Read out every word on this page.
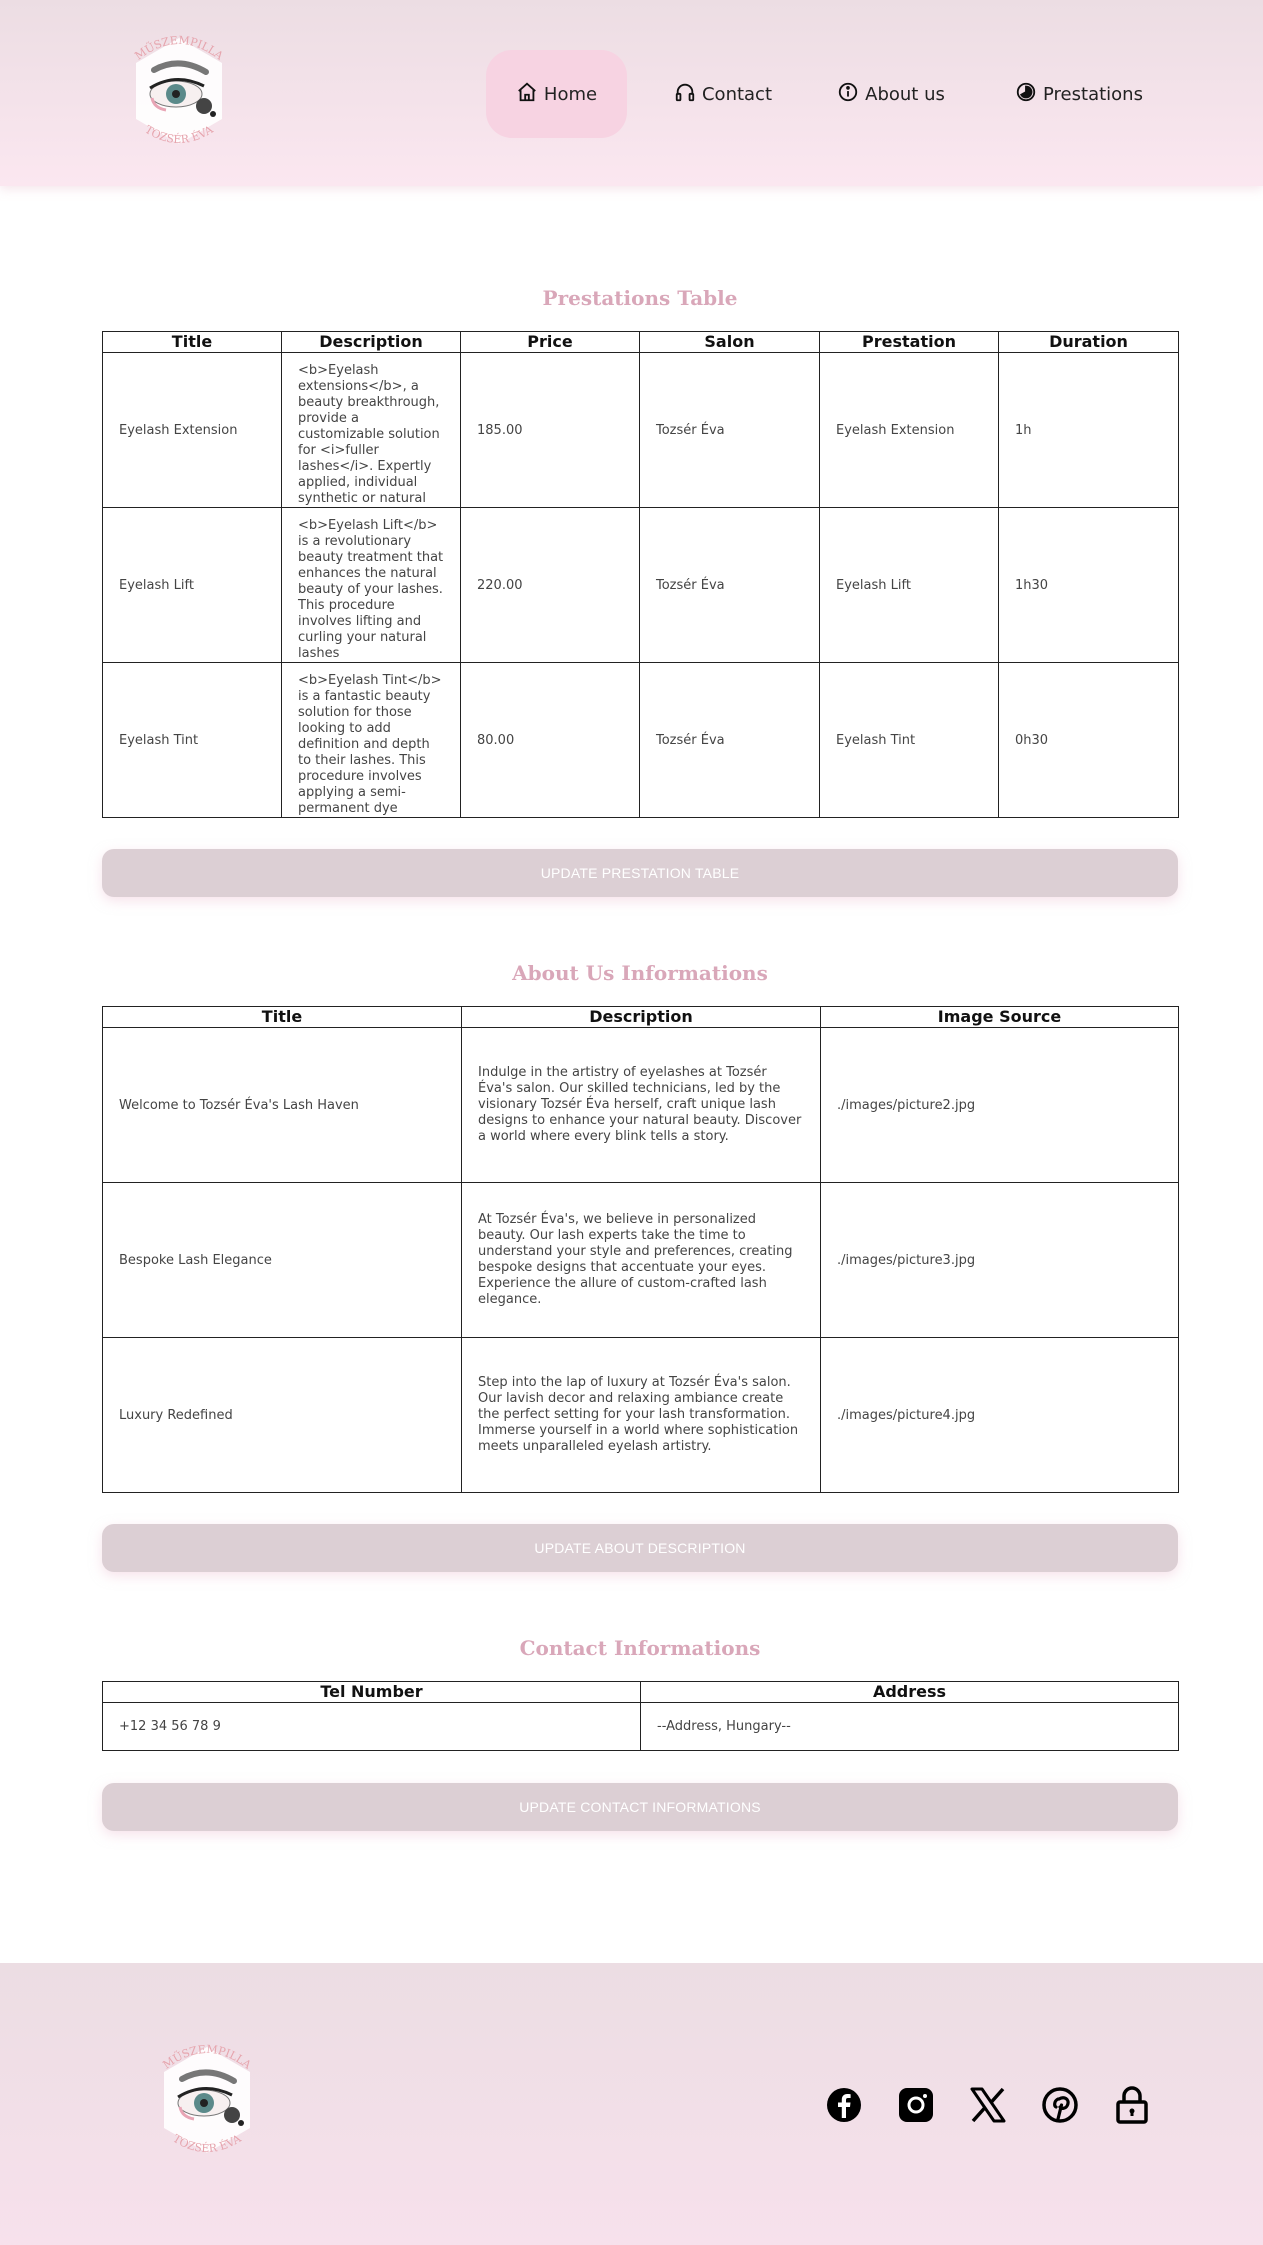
MŰSZEMPILLA
TOZSÉR ÉVA
Home	Contact	About us	Prestations
Prestations Table
Title	Description	Price	Salon	Prestation	Duration
Eyelash Extension	<b>Eyelash extensions</b>, a beauty breakthrough, provide a customizable solution for <i>fuller lashes</i>. Expertly applied, individual synthetic or natural	185.00	Tozsér Éva	Eyelash Extension	1h
Eyelash Lift	<b>Eyelash Lift</b> is a revolutionary beauty treatment that enhances the natural beauty of your lashes. This procedure involves lifting and curling your natural lashes	220.00	Tozsér Éva	Eyelash Lift	1h30
Eyelash Tint	<b>Eyelash Tint</b> is a fantastic beauty solution for those looking to add definition and depth to their lashes. This procedure involves applying a semi-permanent dye	80.00	Tozsér Éva	Eyelash Tint	0h30
UPDATE PRESTATION TABLE
About Us Informations
Title	Description	Image Source
Welcome to Tozsér Éva's Lash Haven	Indulge in the artistry of eyelashes at Tozsér Éva's salon. Our skilled technicians, led by the visionary Tozsér Éva herself, craft unique lash designs to enhance your natural beauty. Discover a world where every blink tells a story.	./images/picture2.jpg
Bespoke Lash Elegance	At Tozsér Éva's, we believe in personalized beauty. Our lash experts take the time to understand your style and preferences, creating bespoke designs that accentuate your eyes. Experience the allure of custom-crafted lash elegance.	./images/picture3.jpg
Luxury Redefined	Step into the lap of luxury at Tozsér Éva's salon. Our lavish decor and relaxing ambiance create the perfect setting for your lash transformation. Immerse yourself in a world where sophistication meets unparalleled eyelash artistry.	./images/picture4.jpg
UPDATE ABOUT DESCRIPTION
Contact Informations
Tel Number	Address
+12 34 56 78 9	--Address, Hungary--
UPDATE CONTACT INFORMATIONS
MŰSZEMPILLA
TOZSÉR ÉVA
